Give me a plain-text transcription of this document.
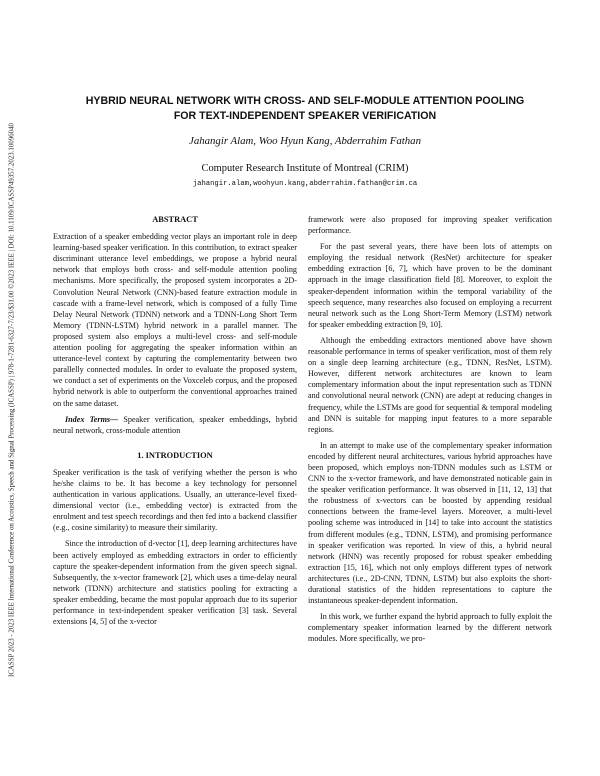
ICASSP 2023 - 2023 IEEE International Conference on Acoustics, Speech and Signal Processing (ICASSP) | 978-1-7281-6327-7/23/$31.00 ©2023 IEEE | DOI: 10.1109/ICASSP49357.2023.10096040
HYBRID NEURAL NETWORK WITH CROSS- AND SELF-MODULE ATTENTION POOLING
FOR TEXT-INDEPENDENT SPEAKER VERIFICATION
Jahangir Alam, Woo Hyun Kang, Abderrahim Fathan
Computer Research Institute of Montreal (CRIM)
jahangir.alam,woohyun.kang,abderrahim.fathan@crim.ca
ABSTRACT

Extraction of a speaker embedding vector plays an important role in deep learning-based speaker verification. In this contribution, to extract speaker discriminant utterance level embeddings, we propose a hybrid neural network that employs both cross- and self-module attention pooling mechanisms. More specifically, the proposed system incorporates a 2D-Convolution Neural Network (CNN)-based feature extraction module in cascade with a frame-level network, which is composed of a fully Time Delay Neural Network (TDNN) network and a TDNN-Long Short Term Memory (TDNN-LSTM) hybrid network in a parallel manner. The proposed system also employs a multi-level cross- and self-module attention pooling for aggregating the speaker information within an utterance-level context by capturing the complementarity between two parallelly connected modules. In order to evaluate the proposed system, we conduct a set of experiments on the Voxceleb corpus, and the proposed hybrid network is able to outperform the conventional approaches trained on the same dataset.

Index Terms— Speaker verification, speaker embeddings, hybrid neural network, cross-module attention

1. INTRODUCTION

Speaker verification is the task of verifying whether the person is who he/she claims to be. It has become a key technology for personnel authentication in various applications. Usually, an utterance-level fixed-dimensional vector (i.e., embedding vector) is extracted from the enrolment and test speech recordings and then fed into a backend classifier (e.g., cosine similarity) to measure their similarity.

Since the introduction of d-vector [1], deep learning architectures have been actively employed as embedding extractors in order to efficiently capture the speaker-dependent information from the given speech signal. Subsequently, the x-vector framework [2], which uses a time-delay neural network (TDNN) architecture and statistics pooling for extracting a speaker embedding, became the most popular approach due to its superior performance in text-independent speaker verification [3] task. Several extensions [4, 5] of the x-vector

framework were also proposed for improving speaker verification performance.

For the past several years, there have been lots of attempts on employing the residual network (ResNet) architecture for speaker embedding extraction [6, 7], which have proven to be the dominant approach in the image classification field [8]. Moreover, to exploit the speaker-dependent information within the temporal variability of the speech sequence, many researches also focused on employing a recurrent neural network such as the Long Short-Term Memory (LSTM) network for speaker embedding extraction [9, 10].

Although the embedding extractors mentioned above have shown reasonable performance in terms of speaker verification, most of them rely on a single deep learning architecture (e.g., TDNN, ResNet, LSTM). However, different network architectures are known to learn complementary information about the input representation such as TDNN and convolutional neural network (CNN) are adept at reducing changes in frequency, while the LSTMs are good for sequential & temporal modeling and DNN is suitable for mapping input features to a more separable regions.

In an attempt to make use of the complementary speaker information encoded by different neural architectures, various hybrid approaches have been proposed, which employs non-TDNN modules such as LSTM or CNN to the x-vector framework, and have demonstrated noticable gain in the speaker verification performance. It was observed in [11, 12, 13] that the robustness of x-vectors can be boosted by appending residual connections between the frame-level layers. Moreover, a multi-level pooling scheme was introduced in [14] to take into account the statistics from different modules (e.g., TDNN, LSTM), and promising performance in speaker verification was reported. In view of this, a hybrid neural network (HNN) was recently proposed for robust speaker embedding extraction [15, 16], which not only employs different types of network architectures (i.e., 2D-CNN, TDNN, LSTM) but also exploits the short-durational statistics of the hidden representations to capture the instantaneous speaker-dependent information.

In this work, we further expand the hybrid approach to fully exploit the complementary speaker information learned by the different network modules. More specifically, we pro-
